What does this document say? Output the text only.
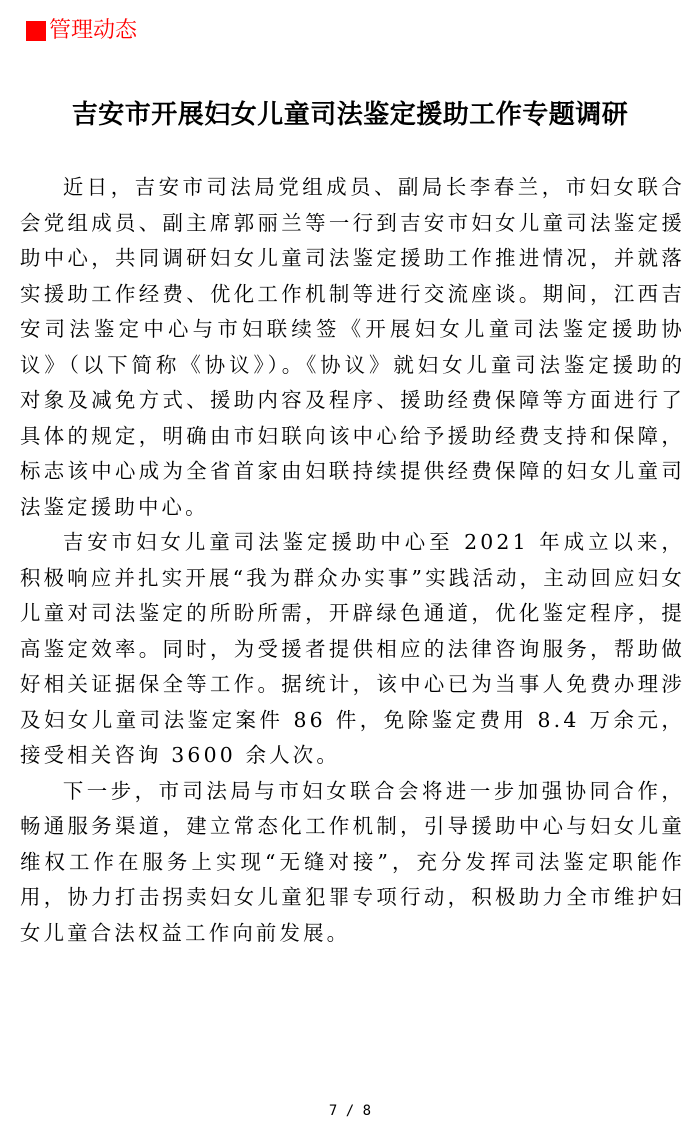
管理动态
吉安市开展妇女儿童司法鉴定援助工作专题调研

近日，吉安市司法局党组成员、副局长李春兰，市妇女联合会党组成员、副主席郭丽兰等一行到吉安市妇女儿童司法鉴定援助中心，共同调研妇女儿童司法鉴定援助工作推进情况，并就落实援助工作经费、优化工作机制等进行交流座谈。期间，江西吉安司法鉴定中心与市妇联续签《开展妇女儿童司法鉴定援助协议》（以下简称《协议》）。《协议》就妇女儿童司法鉴定援助的对象及减免方式、援助内容及程序、援助经费保障等方面进行了具体的规定，明确由市妇联向该中心给予援助经费支持和保障，标志该中心成为全省首家由妇联持续提供经费保障的妇女儿童司法鉴定援助中心。

吉安市妇女儿童司法鉴定援助中心至 2021 年成立以来，积极响应并扎实开展“我为群众办实事”实践活动，主动回应妇女儿童对司法鉴定的所盼所需，开辟绿色通道，优化鉴定程序，提高鉴定效率。同时，为受援者提供相应的法律咨询服务，帮助做好相关证据保全等工作。据统计，该中心已为当事人免费办理涉及妇女儿童司法鉴定案件 86 件，免除鉴定费用 8.4 万余元，接受相关咨询 3600 余人次。

下一步，市司法局与市妇女联合会将进一步加强协同合作，畅通服务渠道，建立常态化工作机制，引导援助中心与妇女儿童维权工作在服务上实现“无缝对接”，充分发挥司法鉴定职能作用，协力打击拐卖妇女儿童犯罪专项行动，积极助力全市维护妇女儿童合法权益工作向前发展。

7 / 8
